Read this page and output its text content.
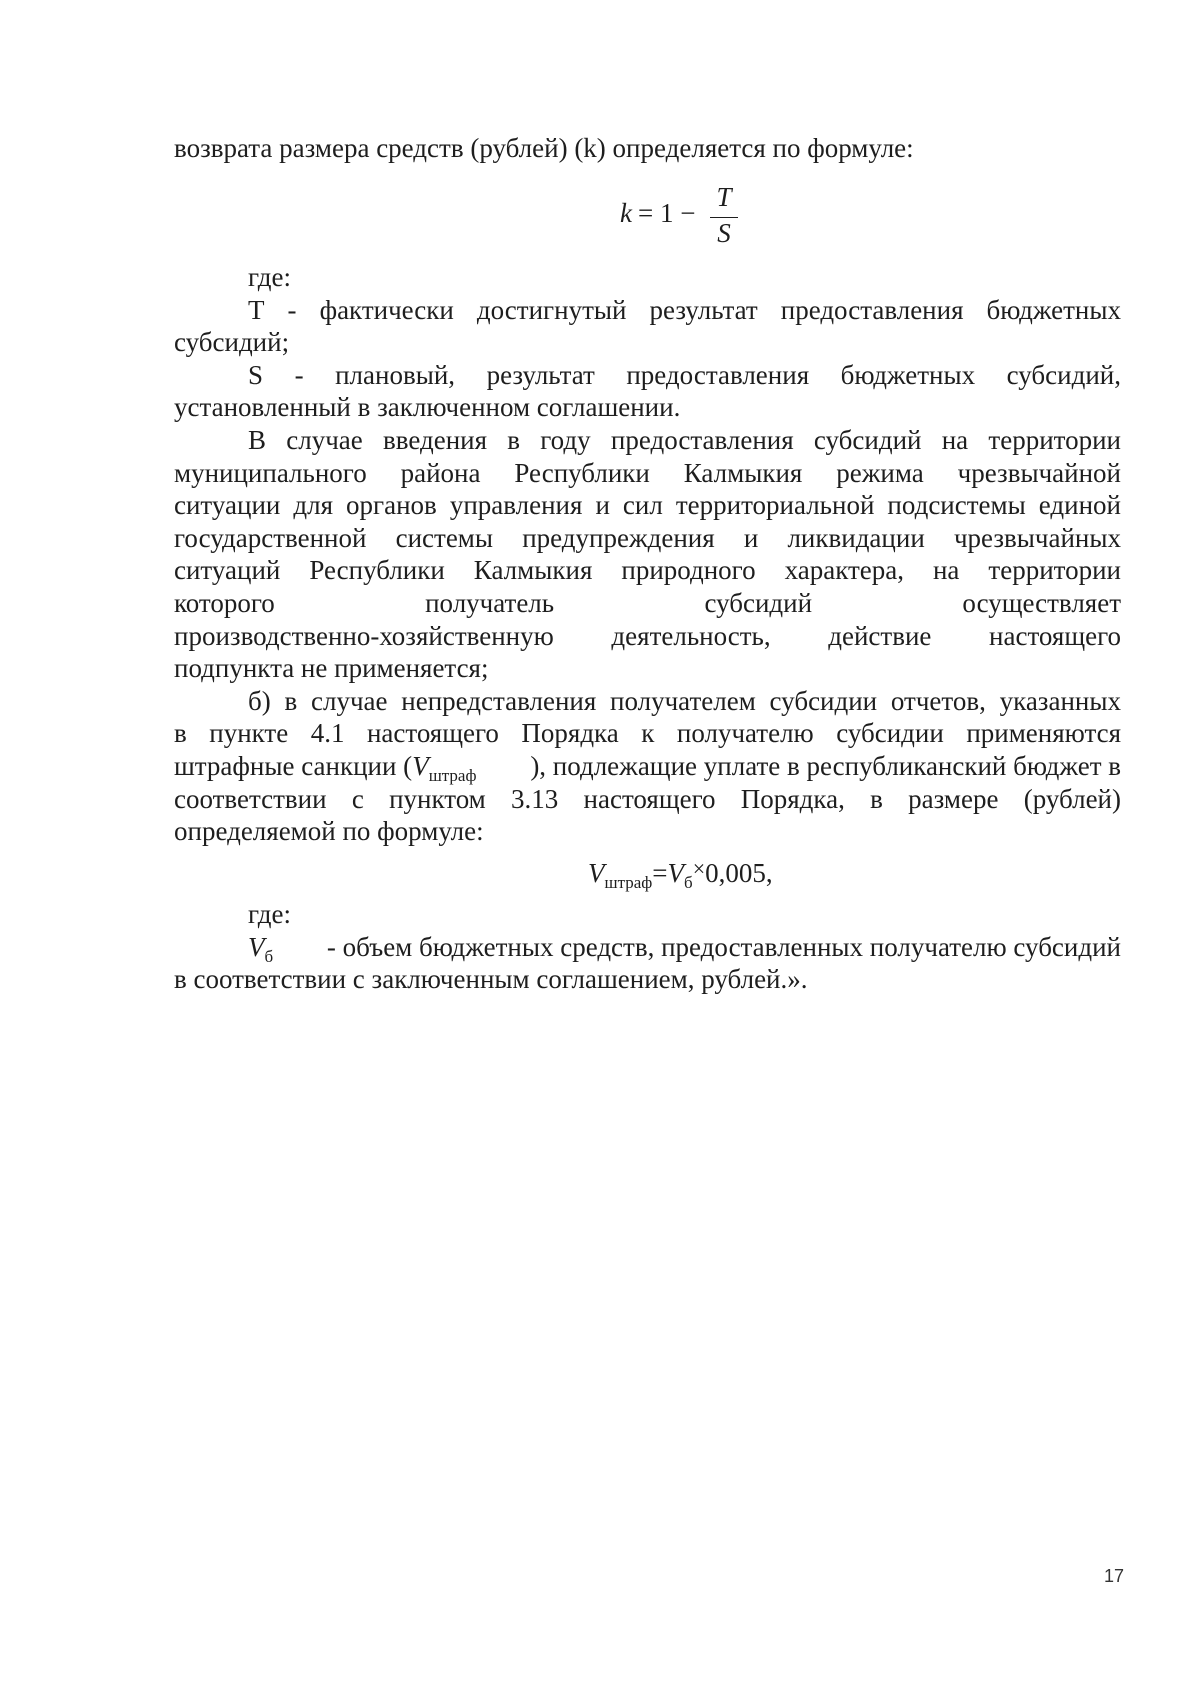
возврата размера средств (рублей) (k) определяется по формуле:
k = 1 −
T
S
где:
Т - фактически достигнутый результат предоставления бюджетных
субсидий;
S - плановый, результат предоставления бюджетных субсидий,
установленный в заключенном соглашении.
В случае введения в году предоставления субсидий на территории
муниципального района Республики Калмыкия режима чрезвычайной
ситуации для органов управления и сил территориальной подсистемы единой
государственной системы предупреждения и ликвидации чрезвычайных
ситуаций Республики Калмыкия природного характера, на территории
которого получатель субсидий осуществляет
производственно-хозяйственную деятельность, действие настоящего
подпункта не применяется;
б) в случае непредставления получателем субсидии отчетов, указанных
в пункте 4.1 настоящего Порядка к получателю субсидии применяются
штрафные санкции ($V_{штраф}$ ), подлежащие уплате в республиканский бюджет в
соответствии с пунктом 3.13 настоящего Порядка, в размере (рублей)
определяемой по формуле:
$V_{штраф}=V_б^\times 0,005$,
где:
$V_б$ - объем бюджетных средств, предоставленных получателю субсидий
в соответствии с заключенным соглашением, рублей.».
17
